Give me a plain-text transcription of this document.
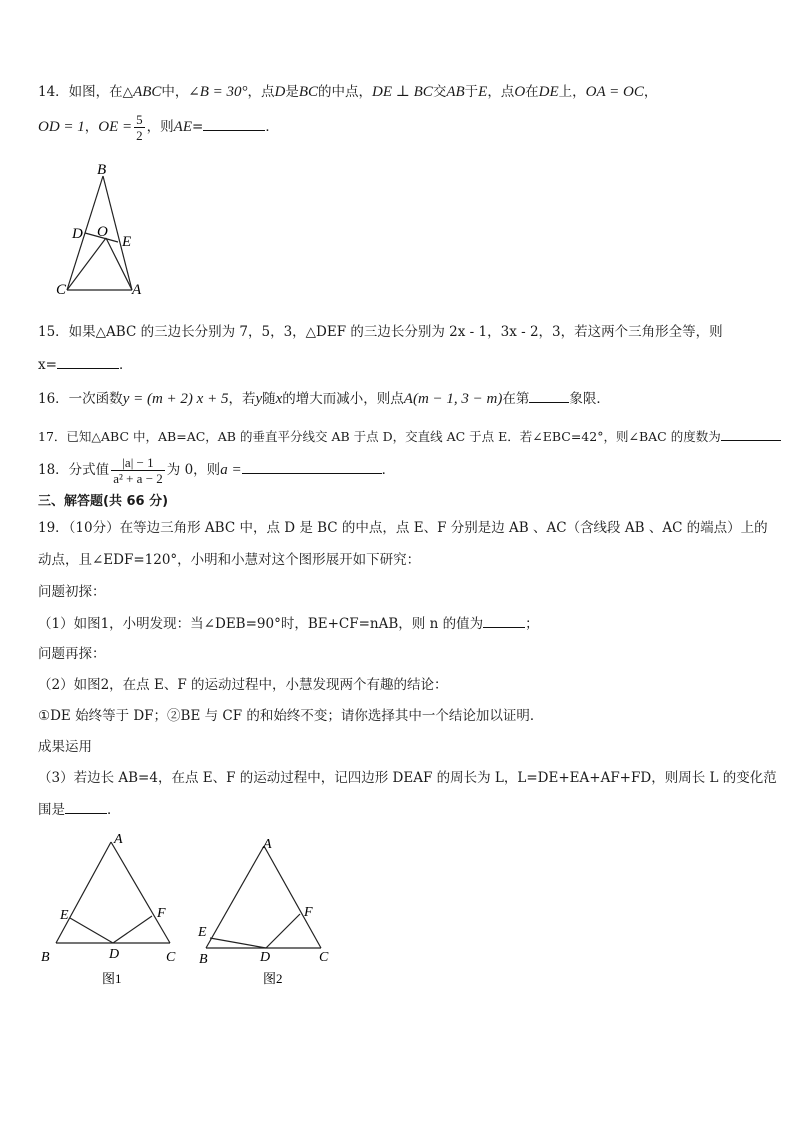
14．如图，在△ABC中，∠B = 30°，点D是BC的中点，DE ⊥ BC交AB于E，点O在DE上，OA = OC，
OD = 1，OE = $\frac{5}{2}$ ，则AE=	．
B
D O
E
C	A
15．如果△ABC 的三边长分别为 7，5，3，△DEF 的三边长分别为 2x - 1，3x - 2，3，若这两个三角形全等，则
x=	．
16．一次函数y = (m + 2) x + 5，若y随x的增大而减小，则点A(m − 1, 3 − m)在第	象限．
17．已知△ABC 中，AB=AC，AB 的垂直平分线交 AB 于点 D，交直线 AC 于点 E．若∠EBC=42°，则∠BAC 的度数为
18．分式值 $\frac{|a| - 1}{\text{a² + a − 2}}$ 为 0，则a =	．
三、解答题(共 66 分)
19．（10分）在等边三角形 ABC 中，点 D 是 BC 的中点，点 E、F 分别是边 AB 、AC（含线段 AB 、AC 的端点）上的
动点，且∠EDF=120°，小明和小慧对这个图形展开如下研究：
问题初探：
（1）如图1，小明发现：当∠DEB=90°时，BE+CF=nAB，则 n 的值为	；
问题再探：
（2）如图2，在点 E、F 的运动过程中，小慧发现两个有趣的结论：
①DE 始终等于 DF；②BE 与 CF 的和始终不变；请你选择其中一个结论加以证明．
成果运用
（3）若边长 AB=4，在点 E、F 的运动过程中，记四边形 DEAF 的周长为 L，L=DE+EA+AF+FD，则周长 L 的变化范
围是	．
A
E	F
B	D	C
图1
A
E
F
B	D	C
图2
